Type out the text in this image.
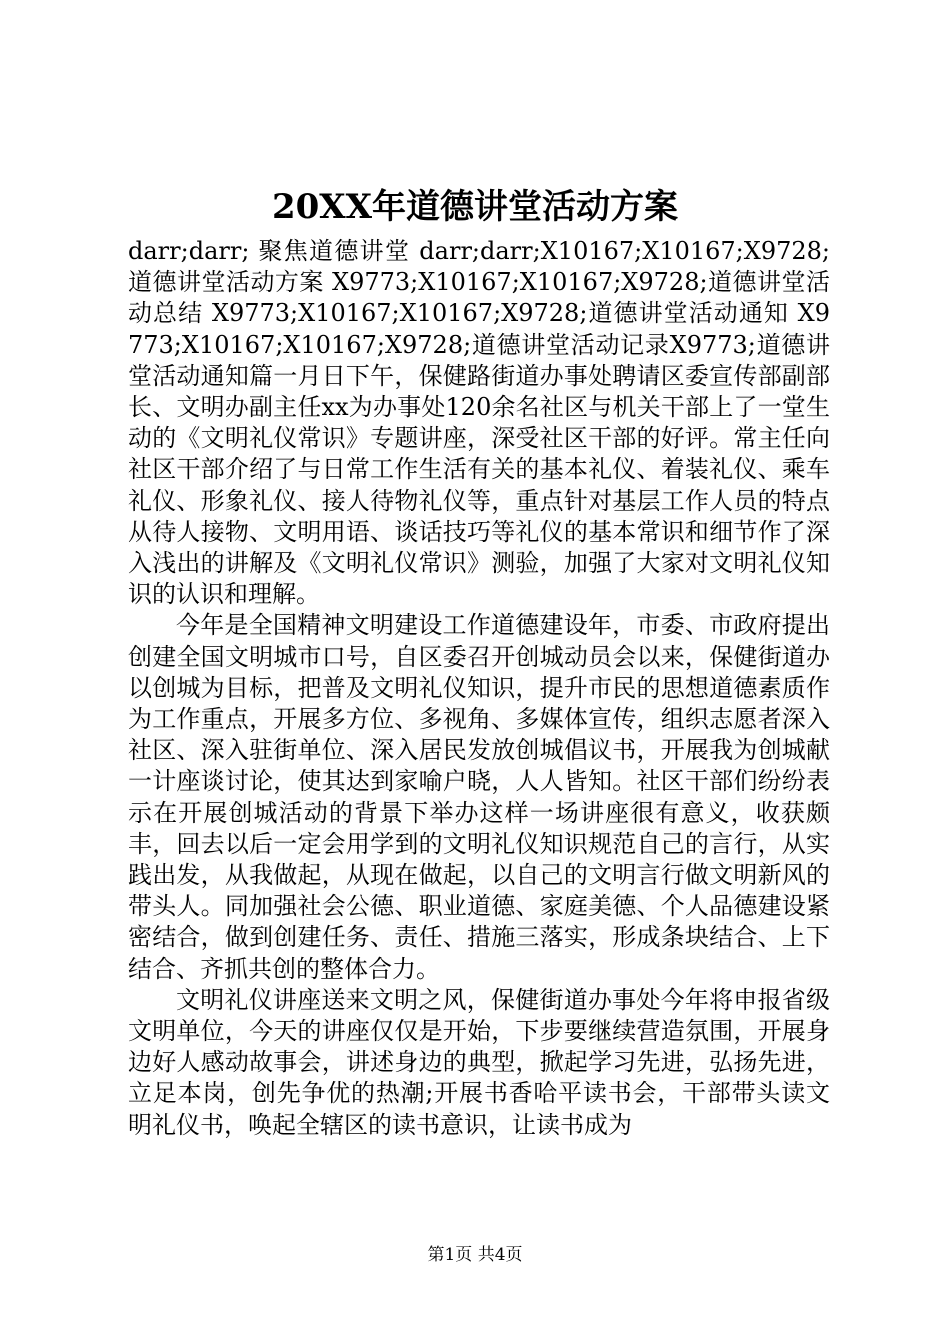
20XX年道德讲堂活动方案

darr;darr; 聚焦道德讲堂 darr;darr;X10167;X10167;X9728;道德讲堂活动方案 X9773;X10167;X10167;X9728;道德讲堂活动总结 X9773;X10167;X10167;X9728;道德讲堂活动通知 X9773;X10167;X10167;X9728;道德讲堂活动记录X9773;道德讲堂活动通知篇一月日下午，保健路街道办事处聘请区委宣传部副部长、文明办副主任xx为办事处120余名社区与机关干部上了一堂生动的《文明礼仪常识》专题讲座，深受社区干部的好评。常主任向社区干部介绍了与日常工作生活有关的基本礼仪、着装礼仪、乘车礼仪、形象礼仪、接人待物礼仪等，重点针对基层工作人员的特点从待人接物、文明用语、谈话技巧等礼仪的基本常识和细节作了深入浅出的讲解及《文明礼仪常识》测验，加强了大家对文明礼仪知识的认识和理解。

今年是全国精神文明建设工作道德建设年，市委、市政府提出创建全国文明城市口号，自区委召开创城动员会以来，保健街道办以创城为目标，把普及文明礼仪知识，提升市民的思想道德素质作为工作重点，开展多方位、多视角、多媒体宣传，组织志愿者深入社区、深入驻街单位、深入居民发放创城倡议书，开展我为创城献一计座谈讨论，使其达到家喻户晓，人人皆知。社区干部们纷纷表示在开展创城活动的背景下举办这样一场讲座很有意义，收获颇丰，回去以后一定会用学到的文明礼仪知识规范自己的言行，从实践出发，从我做起，从现在做起，以自己的文明言行做文明新风的带头人。同加强社会公德、职业道德、家庭美德、个人品德建设紧密结合，做到创建任务、责任、措施三落实，形成条块结合、上下结合、齐抓共创的整体合力。

文明礼仪讲座送来文明之风，保健街道办事处今年将申报省级文明单位，今天的讲座仅仅是开始，下步要继续营造氛围，开展身边好人感动故事会，讲述身边的典型，掀起学习先进，弘扬先进，立足本岗，创先争优的热潮;开展书香哈平读书会，干部带头读文明礼仪书，唤起全辖区的读书意识，让读书成为

第1页 共4页
